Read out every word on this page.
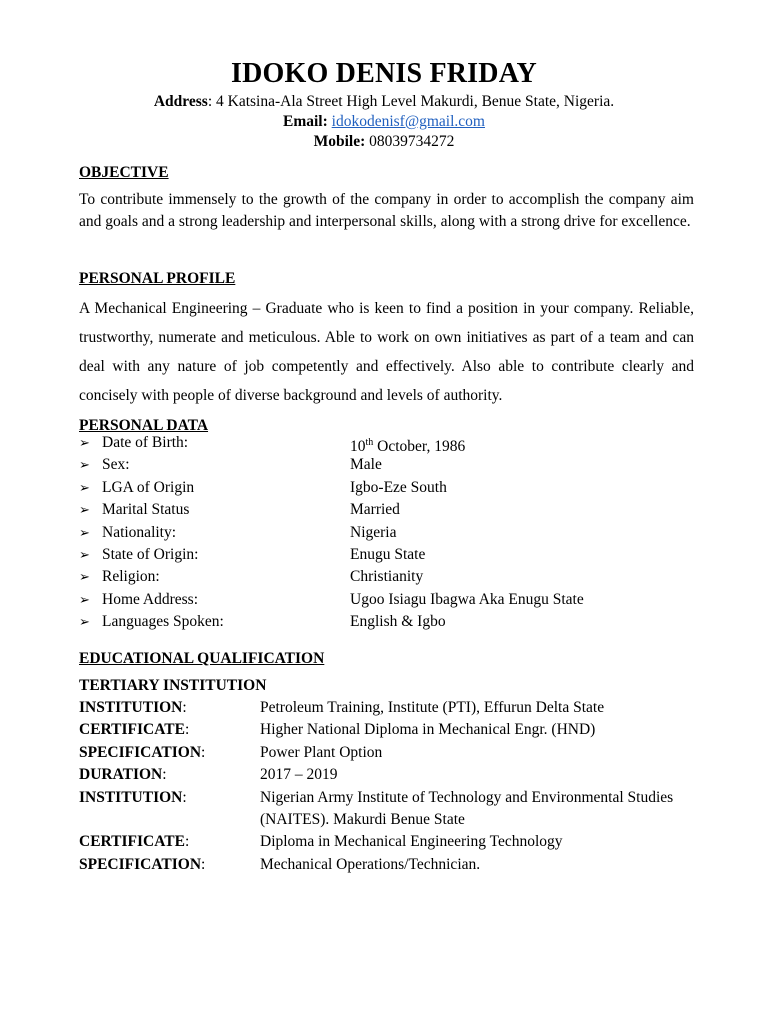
IDOKO DENIS FRIDAY
Address: 4 Katsina-Ala Street High Level Makurdi, Benue State, Nigeria.
Email: idokodenisf@gmail.com
Mobile: 08039734272
OBJECTIVE
To contribute immensely to the growth of the company in order to accomplish the company aim and goals and a strong leadership and interpersonal skills, along with a strong drive for excellence.
PERSONAL PROFILE
A Mechanical Engineering – Graduate who is keen to find a position in your company. Reliable, trustworthy, numerate and meticulous. Able to work on own initiatives as part of a team and can deal with any nature of job competently and effectively. Also able to contribute clearly and concisely with people of diverse background and levels of authority.
PERSONAL DATA
➢ Date of Birth:	10th October, 1986
➢ Sex:	Male
➢ LGA of Origin	Igbo-Eze South
➢ Marital Status	Married
➢ Nationality:	Nigeria
➢ State of Origin:	Enugu State
➢ Religion:	Christianity
➢ Home Address:	Ugoo Isiagu Ibagwa Aka Enugu State
➢ Languages Spoken:	English & Igbo
EDUCATIONAL QUALIFICATION
TERTIARY INSTITUTION
INSTITUTION:	Petroleum Training, Institute (PTI), Effurun Delta State
CERTIFICATE:	Higher National Diploma in Mechanical Engr. (HND)
SPECIFICATION:	Power Plant Option
DURATION:	2017 – 2019
INSTITUTION:	Nigerian Army Institute of Technology and Environmental Studies (NAITES). Makurdi Benue State
CERTIFICATE:	Diploma in Mechanical Engineering Technology
SPECIFICATION:	Mechanical Operations/Technician.
